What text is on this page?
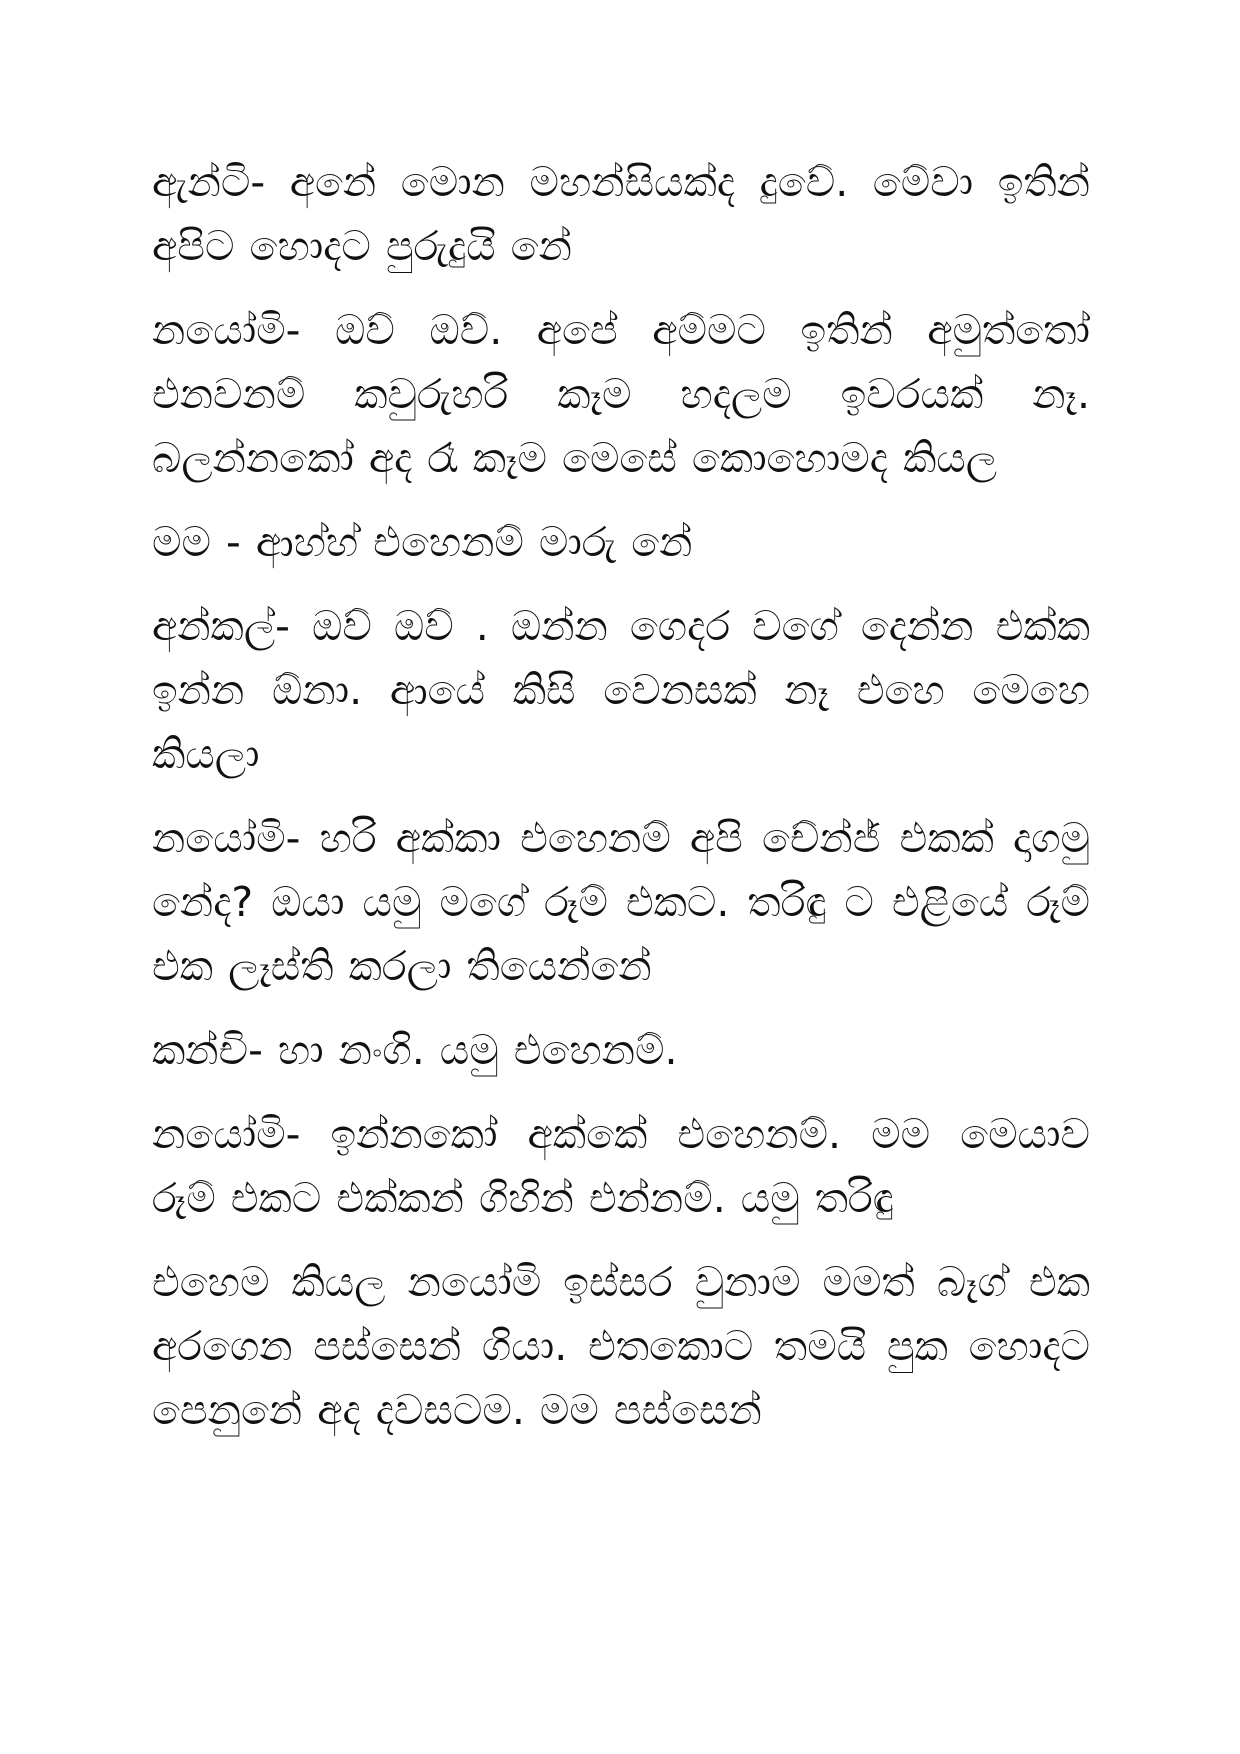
ඇන්ටි- අනේ මොන මහන්සියක්ද දුවේ. මේවා ඉතින් අපිට හොදට පුරුදුයි නේ

නයෝමි- ඔව් ඔව්. අපේ අම්මට ඉතින් අමුත්තෝ එනවනම් කවුරුහරි කෑම හදලම ඉවරයක් නෑ. බලන්නකෝ අද රෑ කෑම මෙසේ කොහොමද කියල

මම - ආහ්හ් එහෙනම් මාරු නේ

අන්කල්- ඔව් ඔව් . ඔන්න ගෙදර වගේ දෙන්න එක්ක ඉන්න ඕනා. ආයේ කිසි වෙනසක් නෑ එහෙ මෙහෙ කියලා

නයෝමි- හරි අක්කා එහෙනම් අපි චේන්ජ් එකක් දාගමු නේද? ඔයා යමු මගේ රූම් එකට. තරිඳු ට එළියේ රූම් එක ලෑස්ති කරලා තියෙන්නේ

කන්චි- හා නංගි. යමු එහෙනම්.

නයෝමි- ඉන්නකෝ අක්කේ එහෙනම්. මම මෙයාව රූම් එකට එක්කන් ගිහින් එන්නම්. යමු තරිඳු

එහෙම කියල නයෝමි ඉස්සර වුනාම මමත් බෑග් එක අරගෙන පස්සෙන් ගියා. එතකොට තමයි පුක හොදට පෙනුනේ අද දවසටම. මම පස්සෙන්
